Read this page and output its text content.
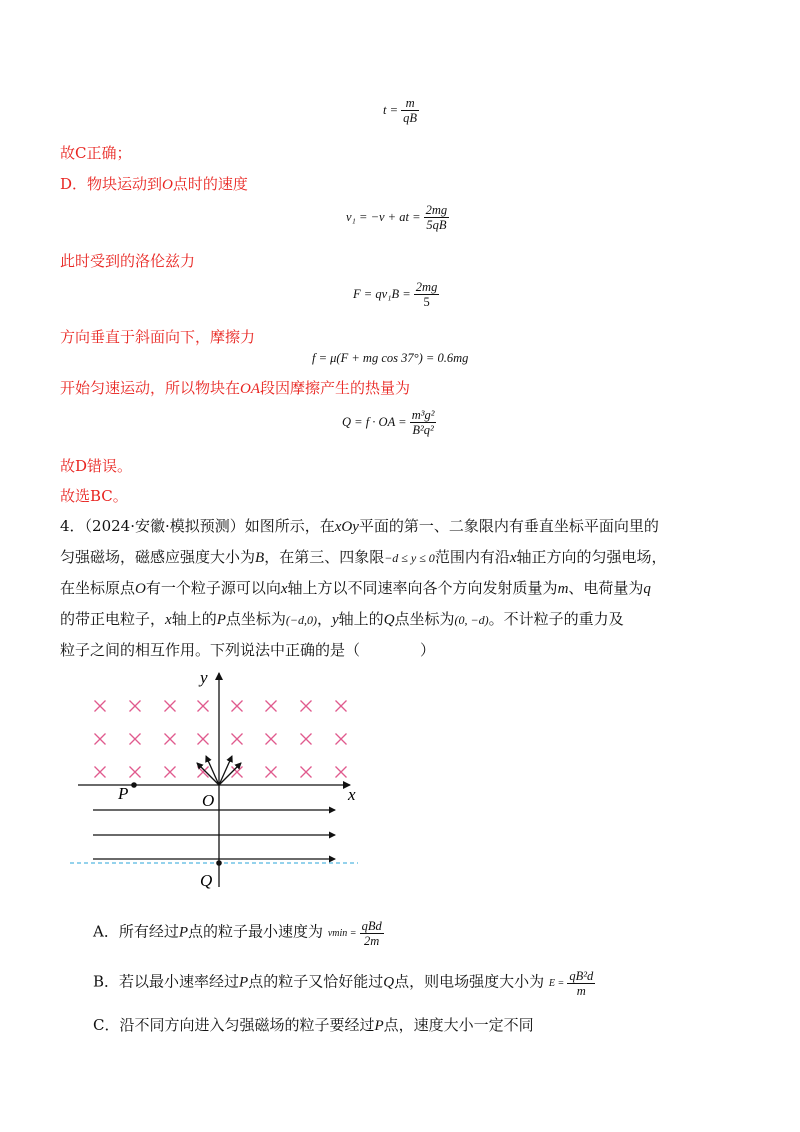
$t = \frac{m}{qB}$
故C正确；
D．物块运动到O点时的速度
v₁ = −v + at = $\frac{2mg}{5qB}$
此时受到的洛伦兹力
$F = qv_1B = \frac{2mg}{5}$
方向垂直于斜面向下，摩擦力
f = μ(F + mg cos 37°) = 0.6mg
开始匀速运动，所以物块在OA段因摩擦产生的热量为
Q = f · OA = $\frac{\text{m³g²}}{\text{B²q²}}$
故D错误。
故选BC。
4．（2024·安徽·模拟预测）如图所示，在xOy平面的第一、二象限内有垂直坐标平面向里的
匀强磁场，磁感应强度大小为B，在第三、四象限−d ≤ y ≤ 0范围内有沿x轴正方向的匀强电场，
在坐标原点O有一个粒子源可以向x轴上方以不同速率向各个方向发射质量为m、电荷量为q
的带正电粒子，x轴上的P点坐标为(−d,0)，y轴上的Q点坐标为(0, −d)。不计粒子的重力及
粒子之间的相互作用。下列说法中正确的是（　　　　）
y
x
O
P
Q
A．所有经过P点的粒子最小速度为 $vmin = \frac{\text{qBd}}{2m}$
B．若以最小速率经过P点的粒子又恰好能过Q点，则电场强度大小为 $E = \frac{\text{qB²d}}{m}$
C．沿不同方向进入匀强磁场的粒子要经过P点，速度大小一定不同
